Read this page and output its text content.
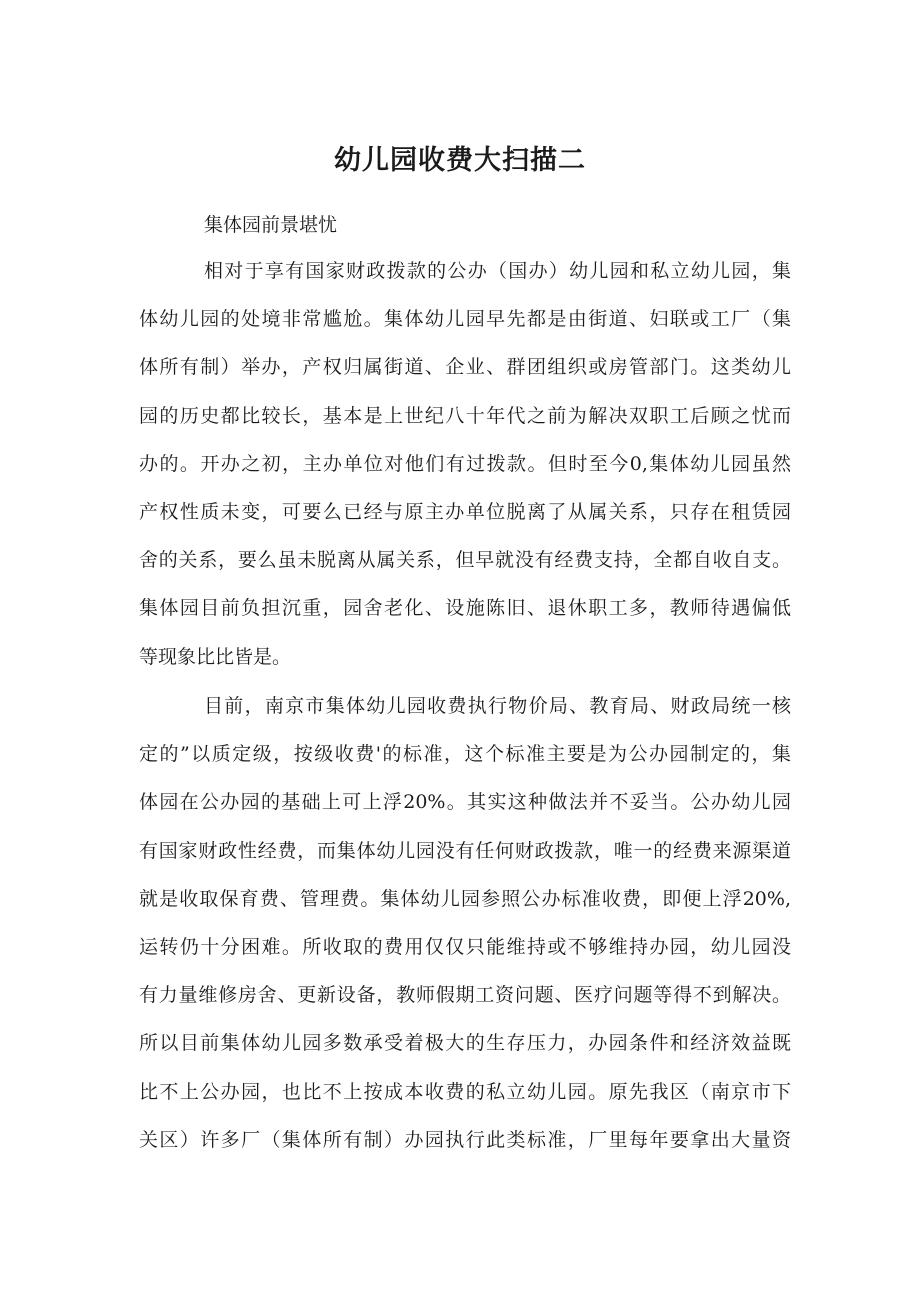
幼儿园收费大扫描二
集体园前景堪忧
相对于享有国家财政拨款的公办（国办）幼儿园和私立幼儿园，集
体幼儿园的处境非常尴尬。集体幼儿园早先都是由街道、妇联或工厂（集
体所有制）举办，产权归属街道、企业、群团组织或房管部门。这类幼儿
园的历史都比较长，基本是上世纪八十年代之前为解决双职工后顾之忧而
办的。开办之初，主办单位对他们有过拨款。但时至今0,集体幼儿园虽然
产权性质未变，可要么已经与原主办单位脱离了从属关系，只存在租赁园
舍的关系，要么虽未脱离从属关系，但早就没有经费支持，全都自收自支。
集体园目前负担沉重，园舍老化、设施陈旧、退休职工多，教师待遇偏低
等现象比比皆是。
目前，南京市集体幼儿园收费执行物价局、教育局、财政局统一核
定的”以质定级，按级收费'的标准，这个标准主要是为公办园制定的，集
体园在公办园的基础上可上浮20%。其实这种做法并不妥当。公办幼儿园
有国家财政性经费，而集体幼儿园没有任何财政拨款，唯一的经费来源渠道
就是收取保育费、管理费。集体幼儿园参照公办标准收费，即便上浮20%,
运转仍十分困难。所收取的费用仅仅只能维持或不够维持办园，幼儿园没
有力量维修房舍、更新设备，教师假期工资问题、医疗问题等得不到解决。
所以目前集体幼儿园多数承受着极大的生存压力，办园条件和经济效益既
比不上公办园，也比不上按成本收费的私立幼儿园。原先我区（南京市下
关区）许多厂（集体所有制）办园执行此类标准，厂里每年要拿出大量资
